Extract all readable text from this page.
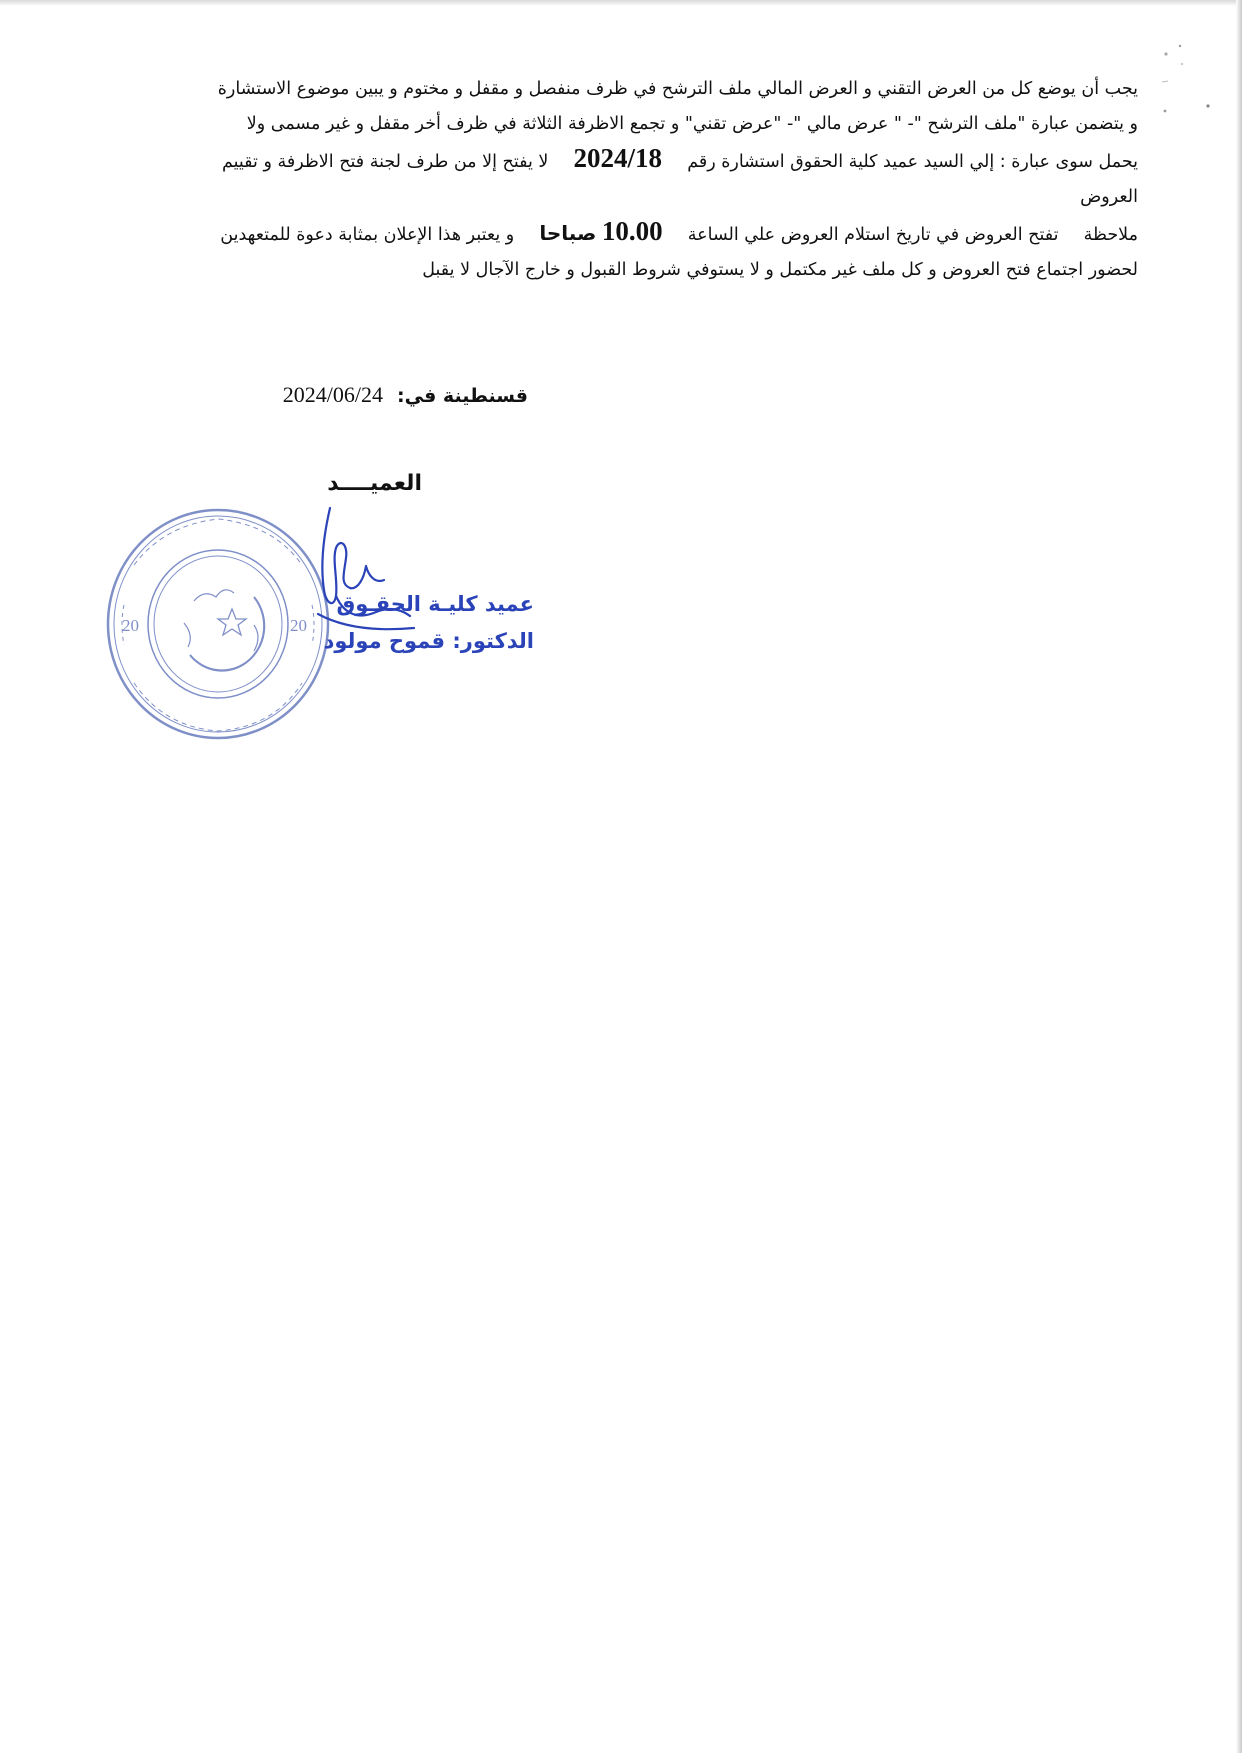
يجب أن يوضع كل من العرض التقني و العرض المالي ملف الترشح في ظرف منفصل و مقفل و مختوم و يبين موضوع الاستشارة

و يتضمن عبارة "ملف الترشح "- " عرض مالي "- "عرض تقني" و تجمع الاظرفة الثلاثة في ظرف أخر مقفل و غير مسمى ولا

يحمل سوى عبارة : إلي السيد عميد كلية الحقوق استشارة رقم  2024/18  لا يفتح إلا من طرف لجنة فتح الاظرفة و تقييم

العروض

ملاحظة  تفتح العروض في تاريخ استلام العروض علي الساعة  10.00 صباحا  و يعتبر هذا الإعلان بمثابة دعوة للمتعهدين

لحضور اجتماع فتح العروض و كل ملف غير مكتمل و لا يستوفي شروط القبول و خارج الآجال لا يقبل

قسنطينة في: 2024/06/24
العميــــد
20	20
عميد كليـة الحقـوق
الدكتور: قموح مولود
